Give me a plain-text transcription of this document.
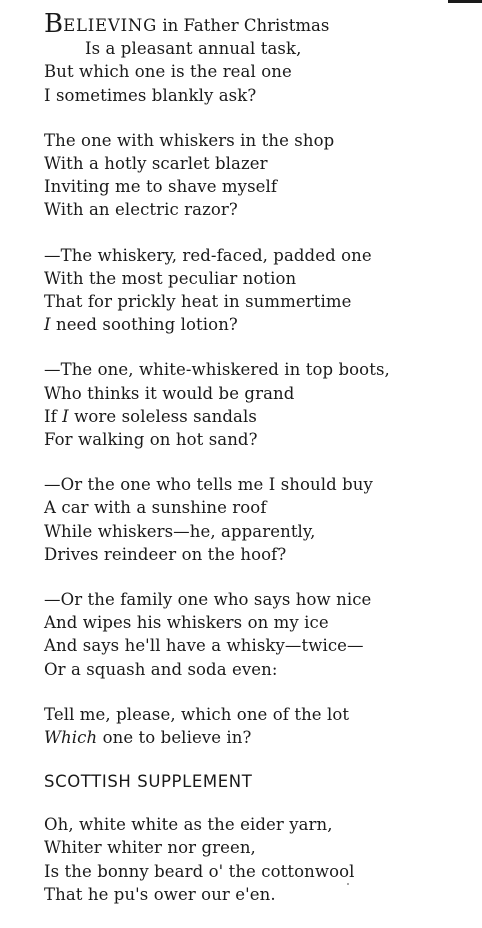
BELIEVING in Father Christmas
Is a pleasant annual task,
But which one is the real one
I sometimes blankly ask?
The one with whiskers in the shop
With a hotly scarlet blazer
Inviting me to shave myself
With an electric razor?
—The whiskery, red-faced, padded one
With the most peculiar notion
That for prickly heat in summertime
I need soothing lotion?
—The one, white-whiskered in top boots,
Who thinks it would be grand
If I wore soleless sandals
For walking on hot sand?
—Or the one who tells me I should buy
A car with a sunshine roof
While whiskers—he, apparently,
Drives reindeer on the hoof?
—Or the family one who says how nice
And wipes his whiskers on my ice
And says he'll have a whisky—twice—
Or a squash and soda even:
Tell me, please, which one of the lot
Which one to believe in?
SCOTTISH SUPPLEMENT
Oh, white white as the eider yarn,
Whiter whiter nor green,
Is the bonny beard o' the cottonwool
That he pu's ower our e'en.
